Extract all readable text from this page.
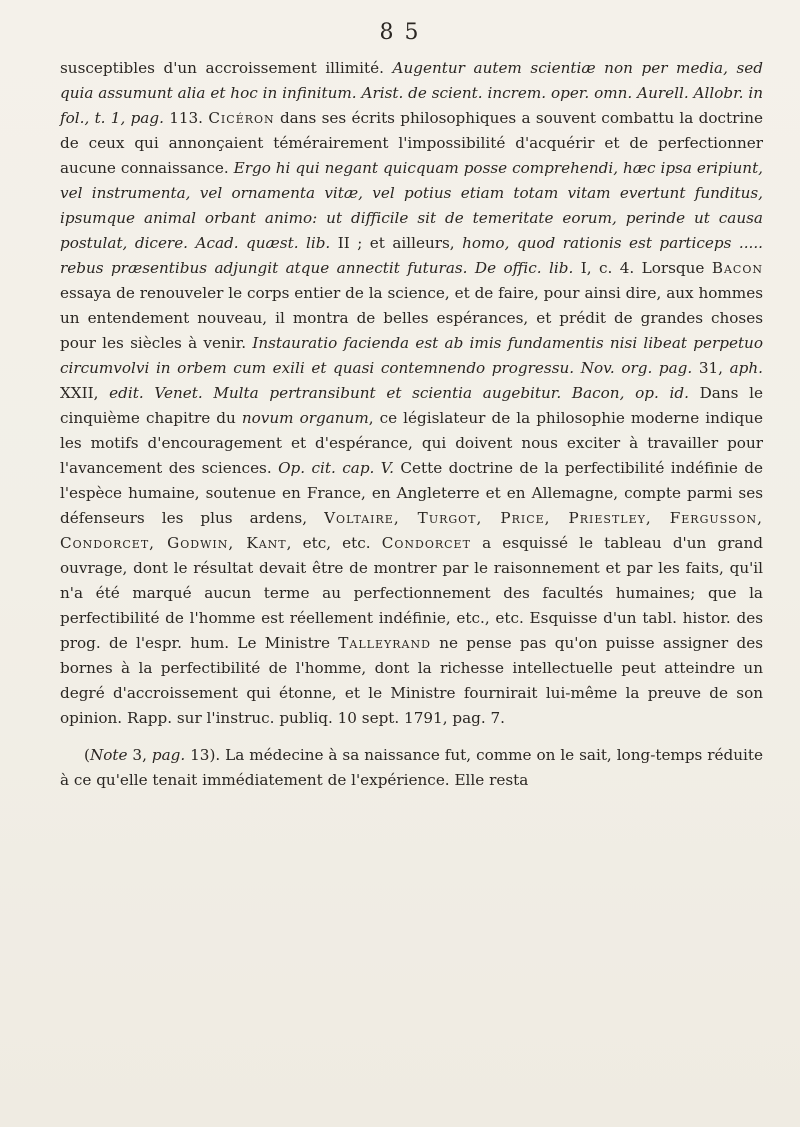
8 5

susceptibles d'un accroissement illimité. Augentur autem scientiæ non per media, sed quia assumunt alia et hoc in infinitum. Arist. de scient. increm. oper. omn. Aurell. Allobr. in fol., t. 1, pag. 113. Cicéron dans ses écrits philosophiques a souvent combattu la doctrine de ceux qui annonçaient témérairement l'impossibilité d'acquérir et de perfectionner aucune connaissance. Ergo hi qui negant quicquam posse comprehendi, hæc ipsa eripiunt, vel instrumenta, vel ornamenta vitæ, vel potius etiam totam vitam evertunt funditus, ipsumque animal orbant animo: ut difficile sit de temeritate eorum, perinde ut causa postulat, dicere. Acad. quæst. lib. II ; et ailleurs, homo, quod rationis est particeps ..... rebus præsentibus adjungit atque annectit futuras. De offic. lib. I, c. 4. Lorsque Bacon essaya de renouveler le corps entier de la science, et de faire, pour ainsi dire, aux hommes un entendement nouveau, il montra de belles espérances, et prédit de grandes choses pour les siècles à venir. Instauratio facienda est ab imis fundamentis nisi libeat perpetuo circumvolvi in orbem cum exili et quasi contemnendo progressu. Nov. org. pag. 31, aph. XXII, edit. Venet. Multa pertransibunt et scientia augebitur. Bacon, op. id. Dans le cinquième chapitre du novum organum, ce législateur de la philosophie moderne indique les motifs d'encouragement et d'espérance, qui doivent nous exciter à travailler pour l'avancement des sciences. Op. cit. cap. V. Cette doctrine de la perfectibilité indéfinie de l'espèce humaine, soutenue en France, en Angleterre et en Allemagne, compte parmi ses défenseurs les plus ardens, Voltaire, Turgot, Price, Priestley, Fergusson, Condorcet, Godwin, Kant, etc, etc. Condorcet a esquissé le tableau d'un grand ouvrage, dont le résultat devait être de montrer par le raisonnement et par les faits, qu'il n'a été marqué aucun terme au perfectionnement des facultés humaines; que la perfectibilité de l'homme est réellement indéfinie, etc., etc. Esquisse d'un tabl. histor. des prog. de l'espr. hum. Le Ministre Talleyrand ne pense pas qu'on puisse assigner des bornes à la perfectibilité de l'homme, dont la richesse intellectuelle peut atteindre un degré d'accroissement qui étonne, et le Ministre fournirait lui-même la preuve de son opinion. Rapp. sur l'instruc. publiq. 10 sept. 1791, pag. 7.

(Note 3, pag. 13). La médecine à sa naissance fut, comme on le sait, long-temps réduite à ce qu'elle tenait immédiatement de l'expérience. Elle resta
